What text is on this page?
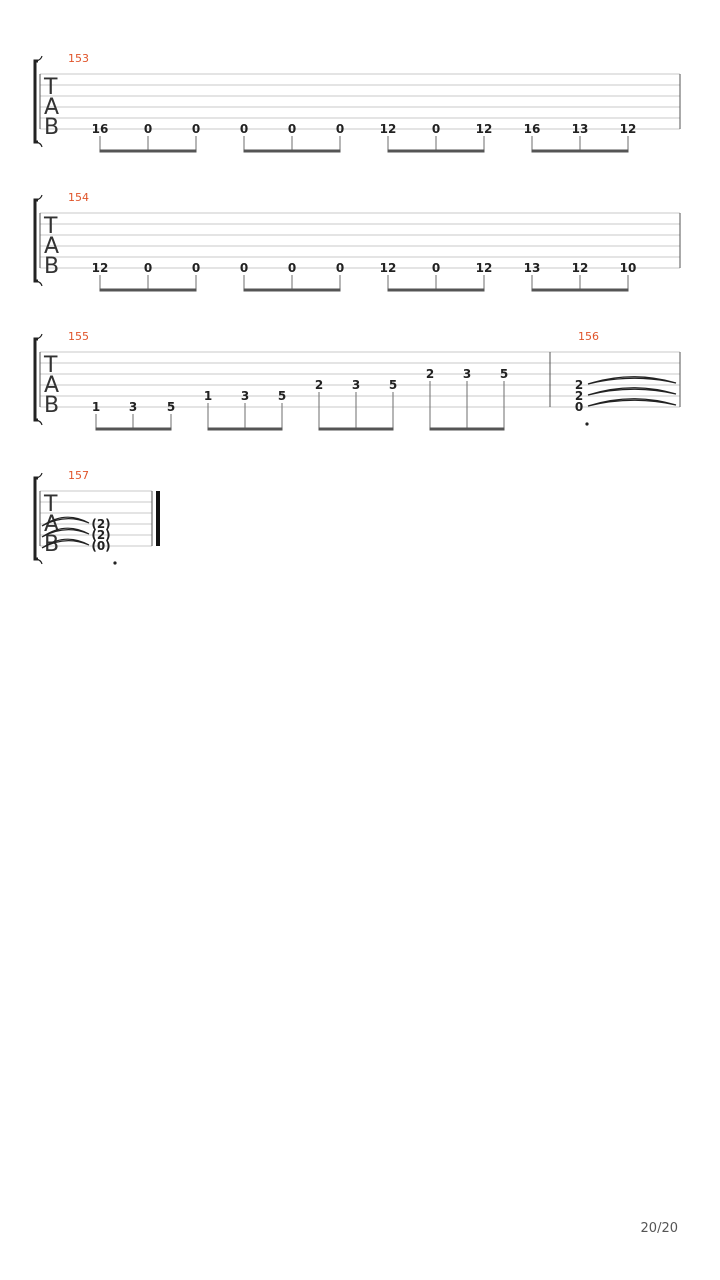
T
A
B
153
16	0	0	0	0	0	12	0	12	16	13	12
T
A
B
154
12	0	0	0	0	0	12	0	12	13	12	10
T
A
B
155
1 3 5
1 3 5
2 3 5
2 3 5
156
2
2
0
T
A
B
157
(2)
(2)
(0)
20/20
